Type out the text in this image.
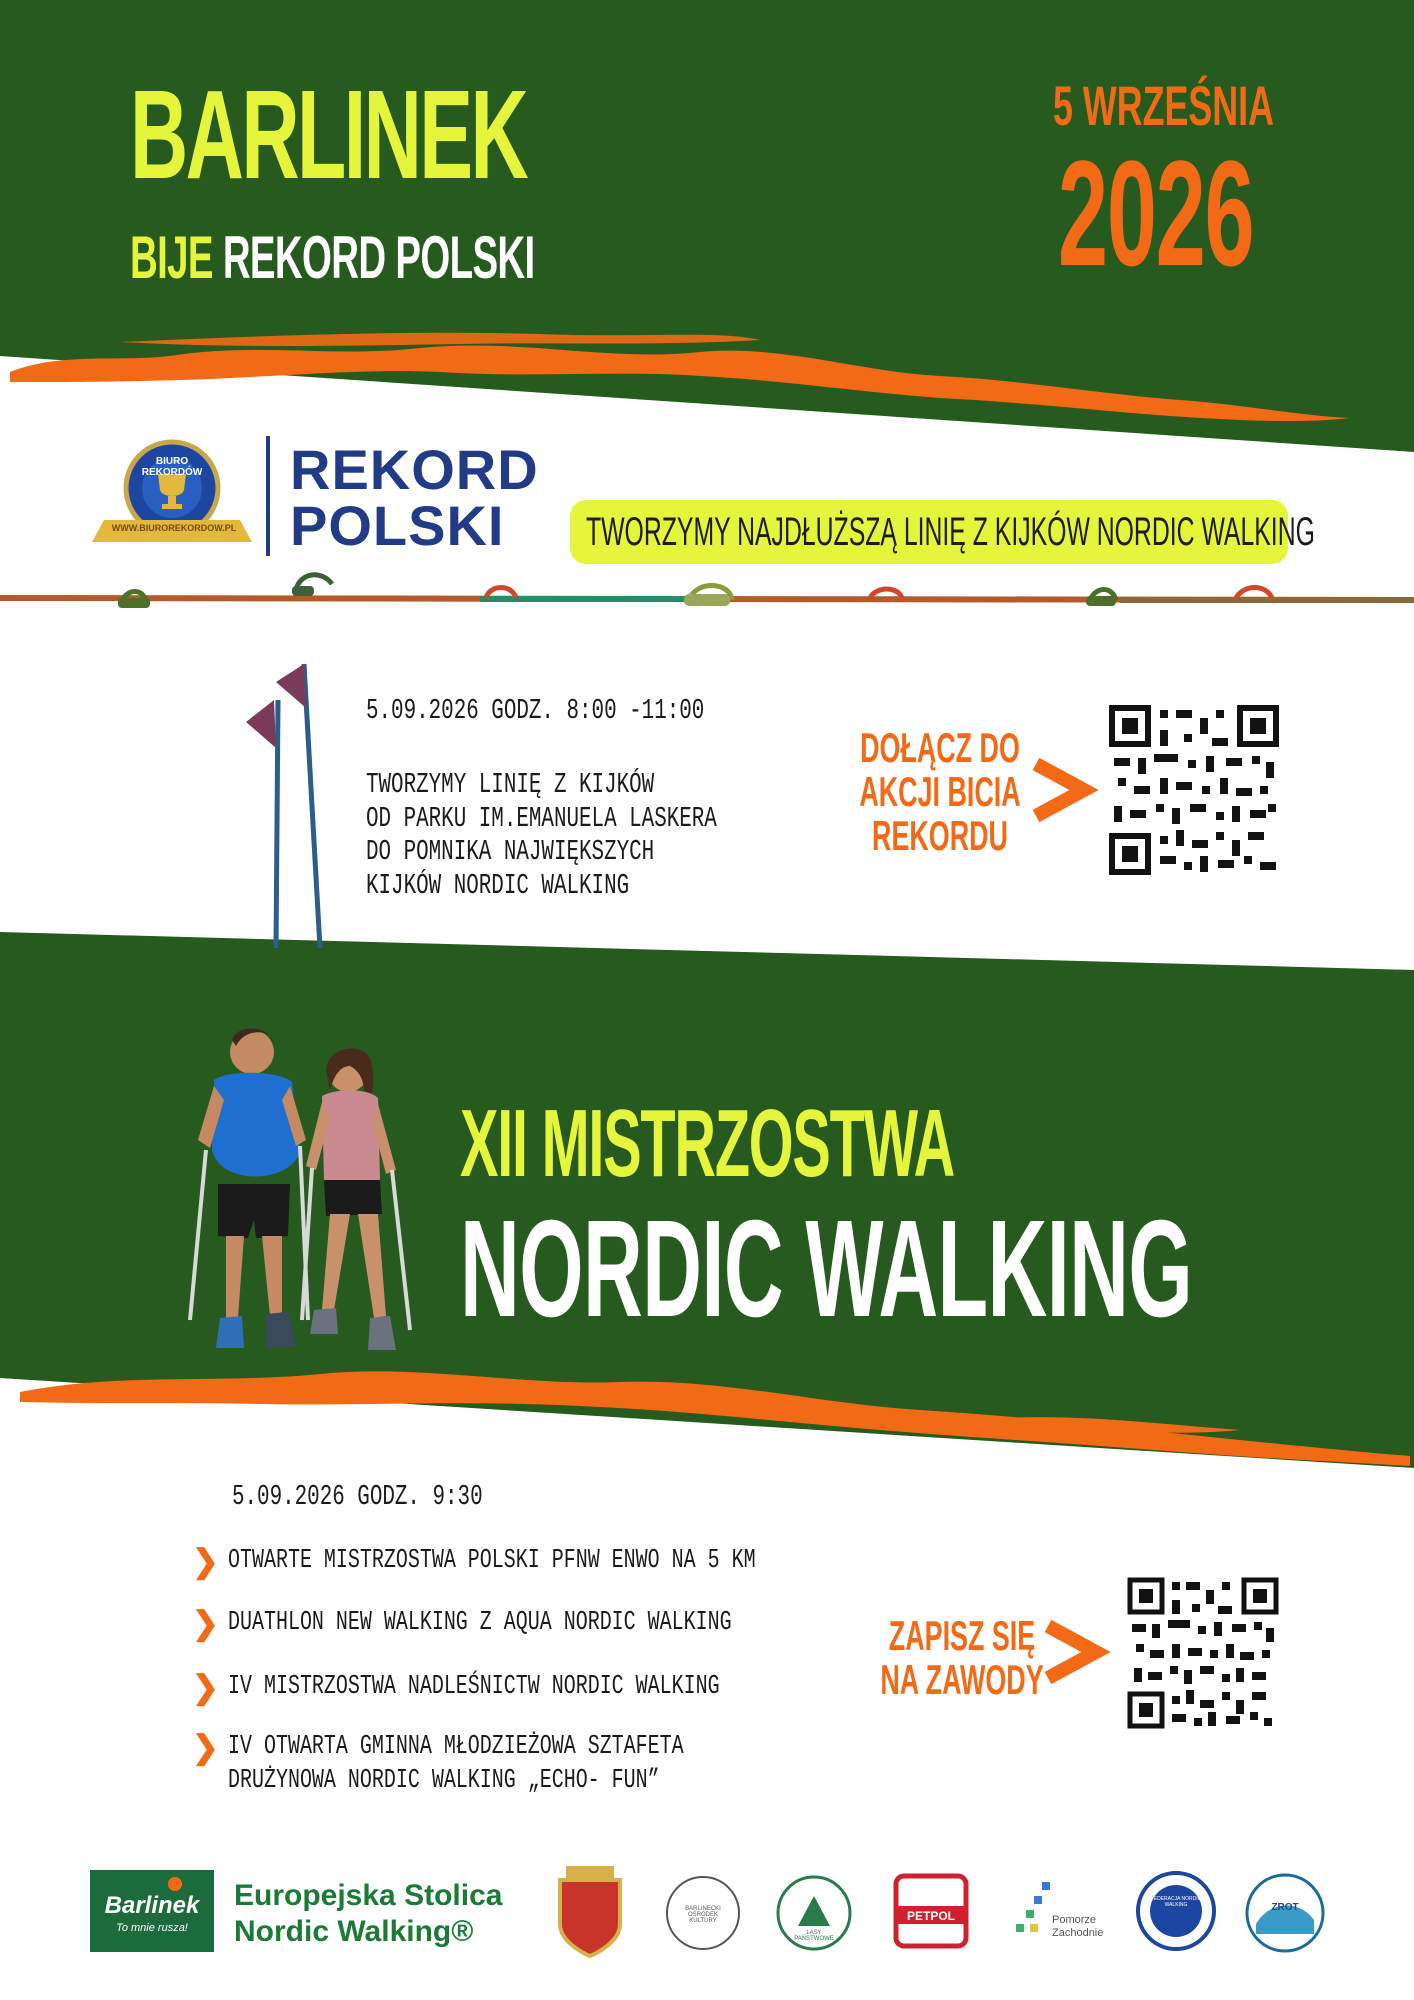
BARLINEK
BIJE REKORD POLSKI
5 WRZEŚNIA
2026
BIURO REKORDÓW
WWW.BIUROREKORDOW.PL
REKORD
POLSKI	TWORZYMY NAJDŁUŻSZĄ LINIĘ Z KIJKÓW NORDIC WALKING
5.09.2026 GODZ. 8:00 -11:00
TWORZYMY LINIĘ Z KIJKÓW
OD PARKU IM.EMANUELA LASKERA
DO POMNIKA NAJWIĘKSZYCH
KIJKÓW NORDIC WALKING
DOŁĄCZ DO
AKCJI BICIA
REKORDU
XII MISTRZOSTWA
NORDIC WALKING
5.09.2026 GODZ. 9:30
❯ OTWARTE MISTRZOSTWA POLSKI PFNW ENWO NA 5 KM
❯ DUATHLON NEW WALKING Z AQUA NORDIC WALKING
❯ IV MISTRZOSTWA NADLEŚNICTW NORDIC WALKING
❯ IV OTWARTA GMINNA MŁODZIEŻOWA SZTAFETA
DRUŻYNOWA NORDIC WALKING „ECHO- FUN”
ZAPISZ SIĘ
NA ZAWODY
Barlinek
To mnie rusza!
Europejska Stolica
Nordic Walking®
BARLINECKI OŚRODEK KULTURY
LASY PAŃSTWOWE
PETPOL	Pomorze
Zachodnie
FEDERACJA NORDIC WALKING	ZROT
